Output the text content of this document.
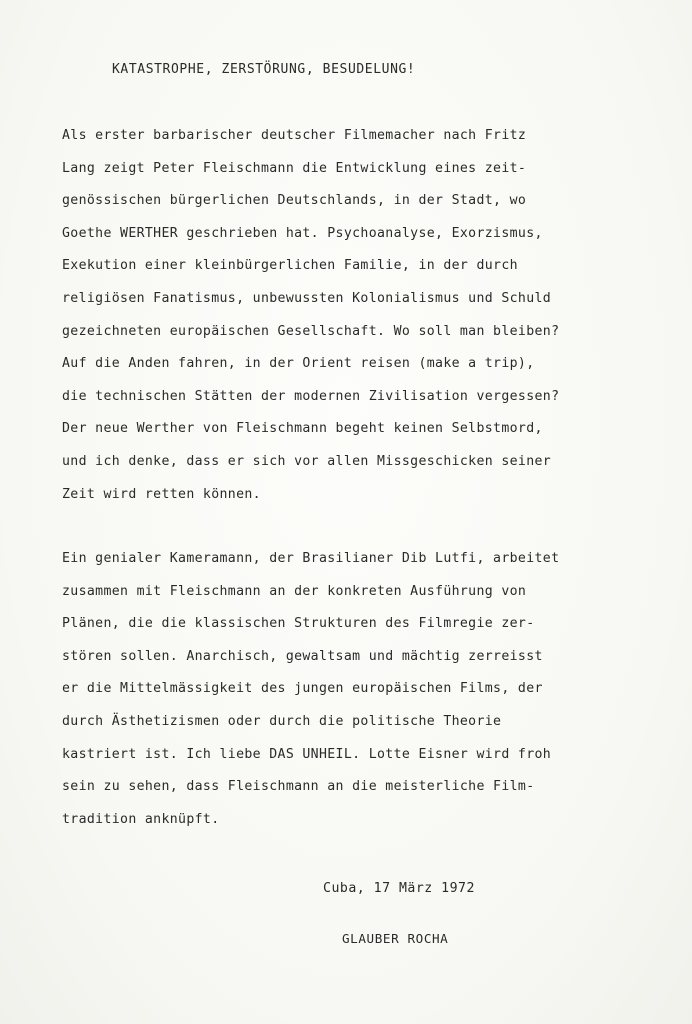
KATASTROPHE, ZERSTÖRUNG, BESUDELUNG!
Als erster barbarischer deutscher Filmemacher nach Fritz
Lang zeigt Peter Fleischmann die Entwicklung eines zeit-
genössischen bürgerlichen Deutschlands, in der Stadt, wo
Goethe WERTHER geschrieben hat. Psychoanalyse, Exorzismus,
Exekution einer kleinbürgerlichen Familie, in der durch
religiösen Fanatismus, unbewussten Kolonialismus und Schuld
gezeichneten europäischen Gesellschaft. Wo soll man bleiben?
Auf die Anden fahren, in der Orient reisen (make a trip),
die technischen Stätten der modernen Zivilisation vergessen?
Der neue Werther von Fleischmann begeht keinen Selbstmord,
und ich denke, dass er sich vor allen Missgeschicken seiner
Zeit wird retten können.
Ein genialer Kameramann, der Brasilianer Dib Lutfi, arbeitet
zusammen mit Fleischmann an der konkreten Ausführung von
Plänen, die die klassischen Strukturen des Filmregie zer-
stören sollen. Anarchisch, gewaltsam und mächtig zerreisst
er die Mittelmässigkeit des jungen europäischen Films, der
durch Ästhetizismen oder durch die politische Theorie
kastriert ist. Ich liebe DAS UNHEIL. Lotte Eisner wird froh
sein zu sehen, dass Fleischmann an die meisterliche Film-
tradition anknüpft.
Cuba, 17 März 1972
GLAUBER ROCHA
